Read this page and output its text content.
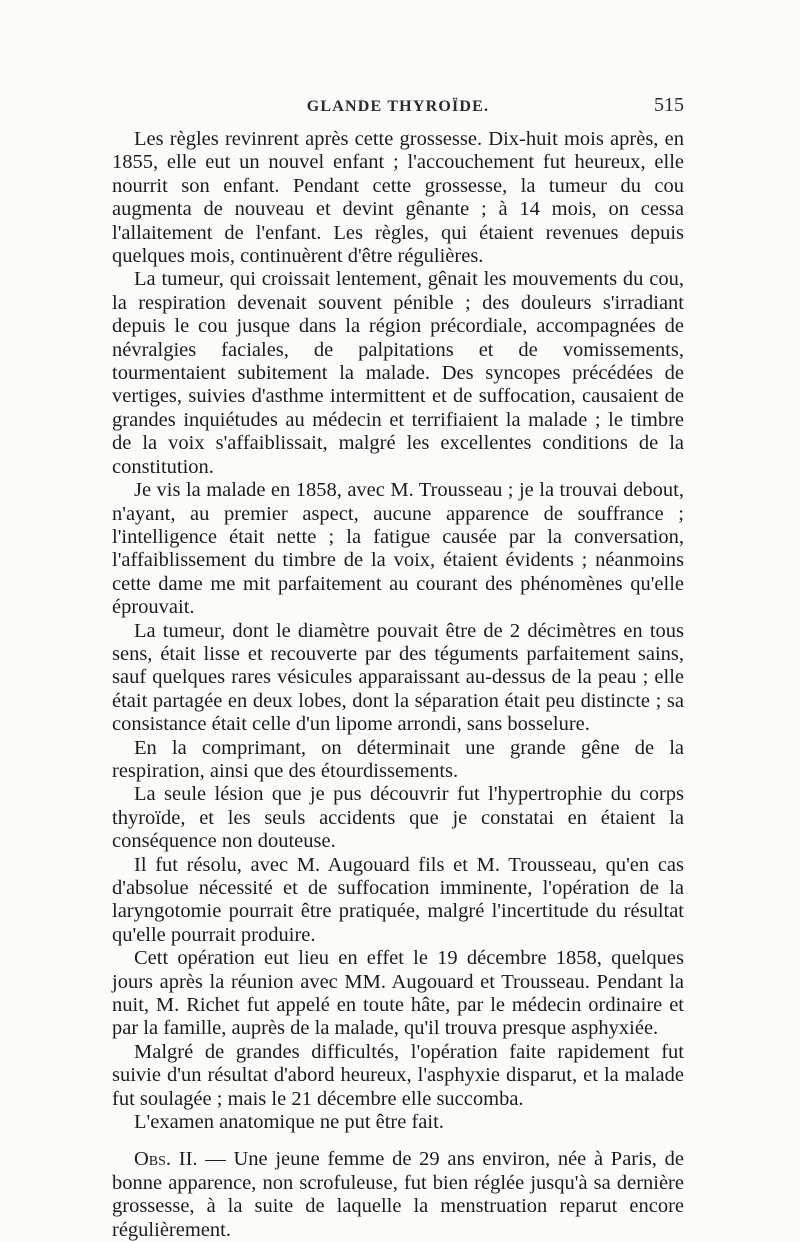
GLANDE THYROÏDE.	515

Les règles revinrent après cette grossesse. Dix-huit mois après, en 1855, elle eut un nouvel enfant ; l'accouchement fut heureux, elle nourrit son enfant. Pendant cette grossesse, la tumeur du cou augmenta de nouveau et devint gênante ; à 14 mois, on cessa l'allaitement de l'enfant. Les règles, qui étaient revenues depuis quelques mois, continuèrent d'être régulières.

La tumeur, qui croissait lentement, gênait les mouvements du cou, la respiration devenait souvent pénible ; des douleurs s'irradiant depuis le cou jusque dans la région précordiale, accompagnées de névralgies faciales, de palpitations et de vomissements, tourmentaient subitement la malade. Des syncopes précédées de vertiges, suivies d'asthme intermittent et de suffocation, causaient de grandes inquiétudes au médecin et terrifiaient la malade ; le timbre de la voix s'affaiblissait, malgré les excellentes conditions de la constitution.

Je vis la malade en 1858, avec M. Trousseau ; je la trouvai debout, n'ayant, au premier aspect, aucune apparence de souffrance ; l'intelligence était nette ; la fatigue causée par la conversation, l'affaiblissement du timbre de la voix, étaient évidents ; néanmoins cette dame me mit parfaitement au courant des phénomènes qu'elle éprouvait.

La tumeur, dont le diamètre pouvait être de 2 décimètres en tous sens, était lisse et recouverte par des téguments parfaitement sains, sauf quelques rares vésicules apparaissant au-dessus de la peau ; elle était partagée en deux lobes, dont la séparation était peu distincte ; sa consistance était celle d'un lipome arrondi, sans bosselure.

En la comprimant, on déterminait une grande gêne de la respiration, ainsi que des étourdissements.

La seule lésion que je pus découvrir fut l'hypertrophie du corps thyroïde, et les seuls accidents que je constatai en étaient la conséquence non douteuse.

Il fut résolu, avec M. Augouard fils et M. Trousseau, qu'en cas d'absolue nécessité et de suffocation imminente, l'opération de la laryngotomie pourrait être pratiquée, malgré l'incertitude du résultat qu'elle pourrait produire.

Cett opération eut lieu en effet le 19 décembre 1858, quelques jours après la réunion avec MM. Augouard et Trousseau. Pendant la nuit, M. Richet fut appelé en toute hâte, par le médecin ordinaire et par la famille, auprès de la malade, qu'il trouva presque asphyxiée.

Malgré de grandes difficultés, l'opération faite rapidement fut suivie d'un résultat d'abord heureux, l'asphyxie disparut, et la malade fut soulagée ; mais le 21 décembre elle succomba.

L'examen anatomique ne put être fait.

Obs. II. — Une jeune femme de 29 ans environ, née à Paris, de bonne apparence, non scrofuleuse, fut bien réglée jusqu'à sa dernière grossesse, à la suite de laquelle la menstruation reparut encore régulièrement.
